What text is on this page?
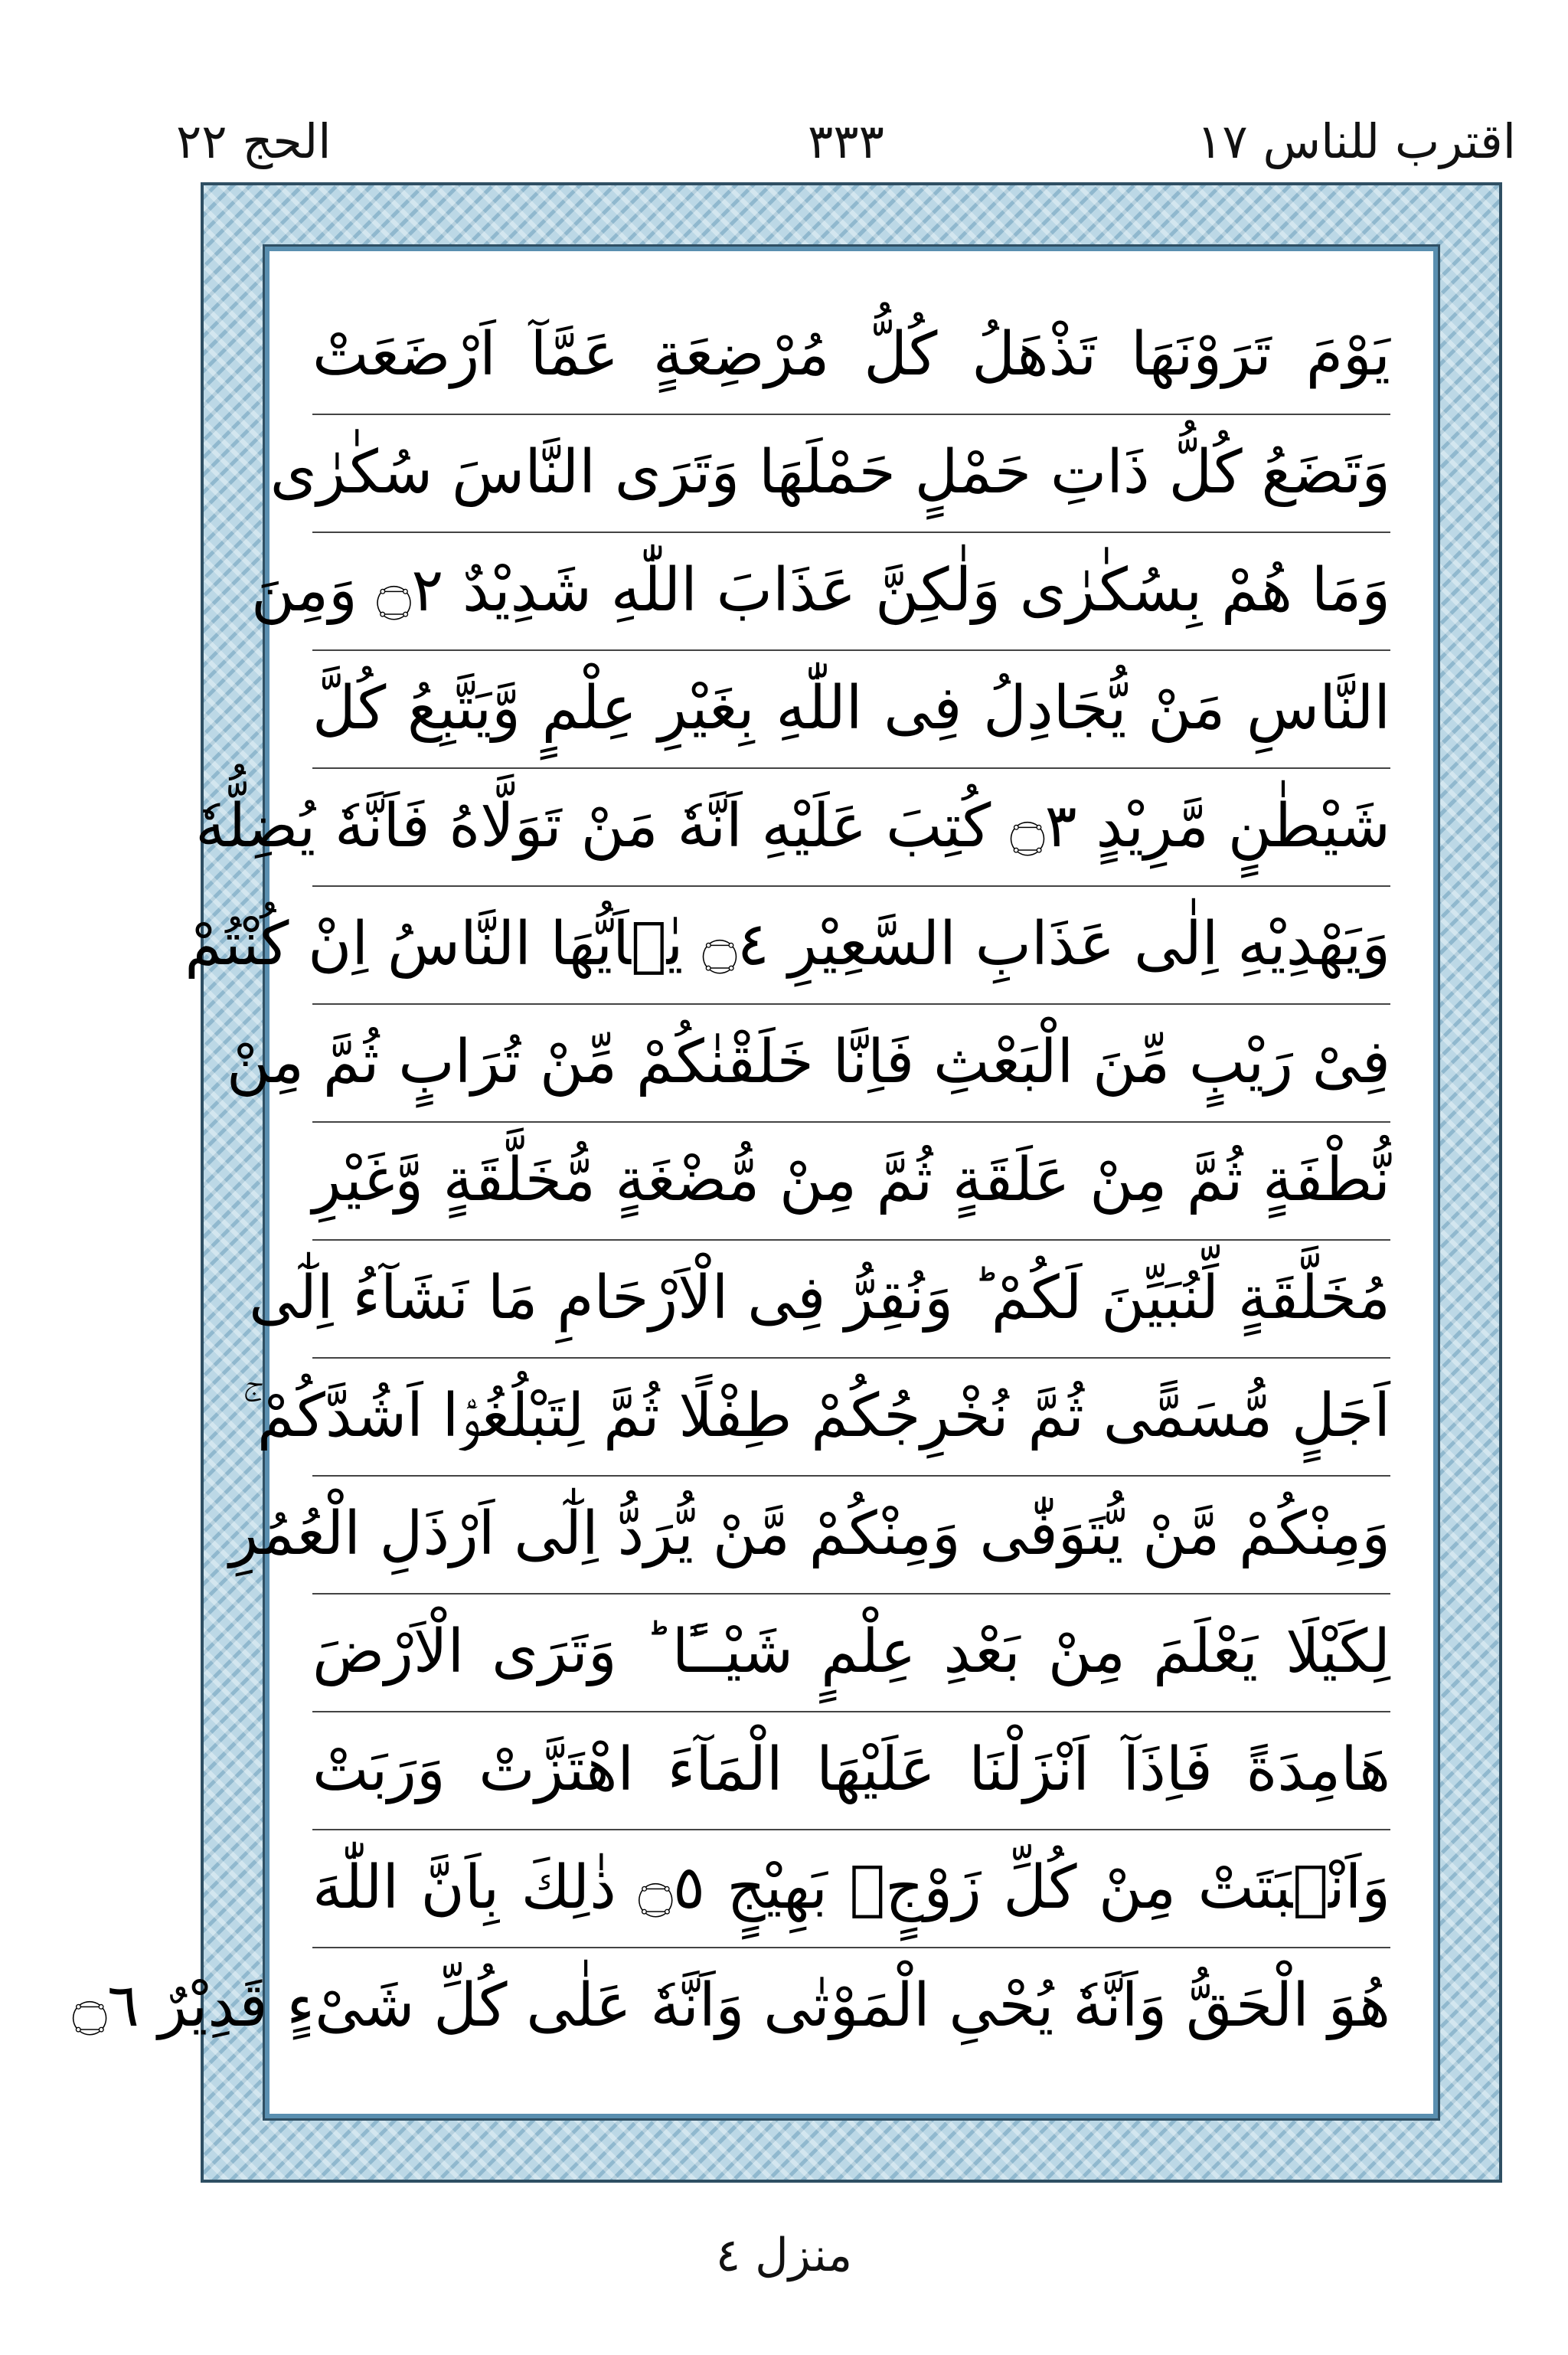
اقترب للناس ١٧
٣٣٣
الحج ٢٢
يَوْمَ تَرَوْنَهَا تَذْهَلُ كُلُّ مُرْضِعَةٍ عَمَّآ اَرْضَعَتْ
وَتَضَعُ كُلُّ ذَاتِ حَمْلٍ حَمْلَهَا وَتَرَى النَّاسَ سُكٰرٰى
وَمَا هُمْ بِسُكٰرٰى وَلٰكِنَّ عَذَابَ اللّٰهِ شَدِيْدٌ ۝٢ وَمِنَ
النَّاسِ مَنْ يُّجَادِلُ فِى اللّٰهِ بِغَيْرِ عِلْمٍ وَّيَتَّبِعُ كُلَّ
شَيْطٰنٍ مَّرِيْدٍ ۝٣ كُتِبَ عَلَيْهِ اَنَّهٗ مَنْ تَوَلَّاهُ فَاَنَّهٗ يُضِلُّهٗ
وَيَهْدِيْهِ اِلٰى عَذَابِ السَّعِيْرِ ۝٤ يٰۤاَيُّهَا النَّاسُ اِنْ كُنْتُمْ
فِىْ رَيْبٍ مِّنَ الْبَعْثِ فَاِنَّا خَلَقْنٰكُمْ مِّنْ تُرَابٍ ثُمَّ مِنْ
نُّطْفَةٍ ثُمَّ مِنْ عَلَقَةٍ ثُمَّ مِنْ مُّضْغَةٍ مُّخَلَّقَةٍ وَّغَيْرِ
مُخَلَّقَةٍ لِّنُبَيِّنَ لَكُمْ ؕ وَنُقِرُّ فِى الْاَرْحَامِ مَا نَشَآءُ اِلٰٓى
اَجَلٍ مُّسَمًّى ثُمَّ نُخْرِجُكُمْ طِفْلًا ثُمَّ لِتَبْلُغُوْۤا اَشُدَّكُمْ ۚ
وَمِنْكُمْ مَّنْ يُّتَوَفّٰى وَمِنْكُمْ مَّنْ يُّرَدُّ اِلٰٓى اَرْذَلِ الْعُمُرِ
لِكَيْلَا يَعْلَمَ مِنْ بَعْدِ عِلْمٍ شَيْــًٔا ؕ وَتَرَى الْاَرْضَ
هَامِدَةً فَاِذَآ اَنْزَلْنَا عَلَيْهَا الْمَآءَ اهْتَزَّتْ وَرَبَتْ
وَاَنْۢبَتَتْ مِنْ كُلِّ زَوْجٍۢ بَهِيْجٍ ۝٥ ذٰلِكَ بِاَنَّ اللّٰهَ
هُوَ الْحَقُّ وَاَنَّهٗ يُحْىِ الْمَوْتٰى وَاَنَّهٗ عَلٰى كُلِّ شَىْءٍ قَدِيْرٌ ۝٦
منزل ٤
